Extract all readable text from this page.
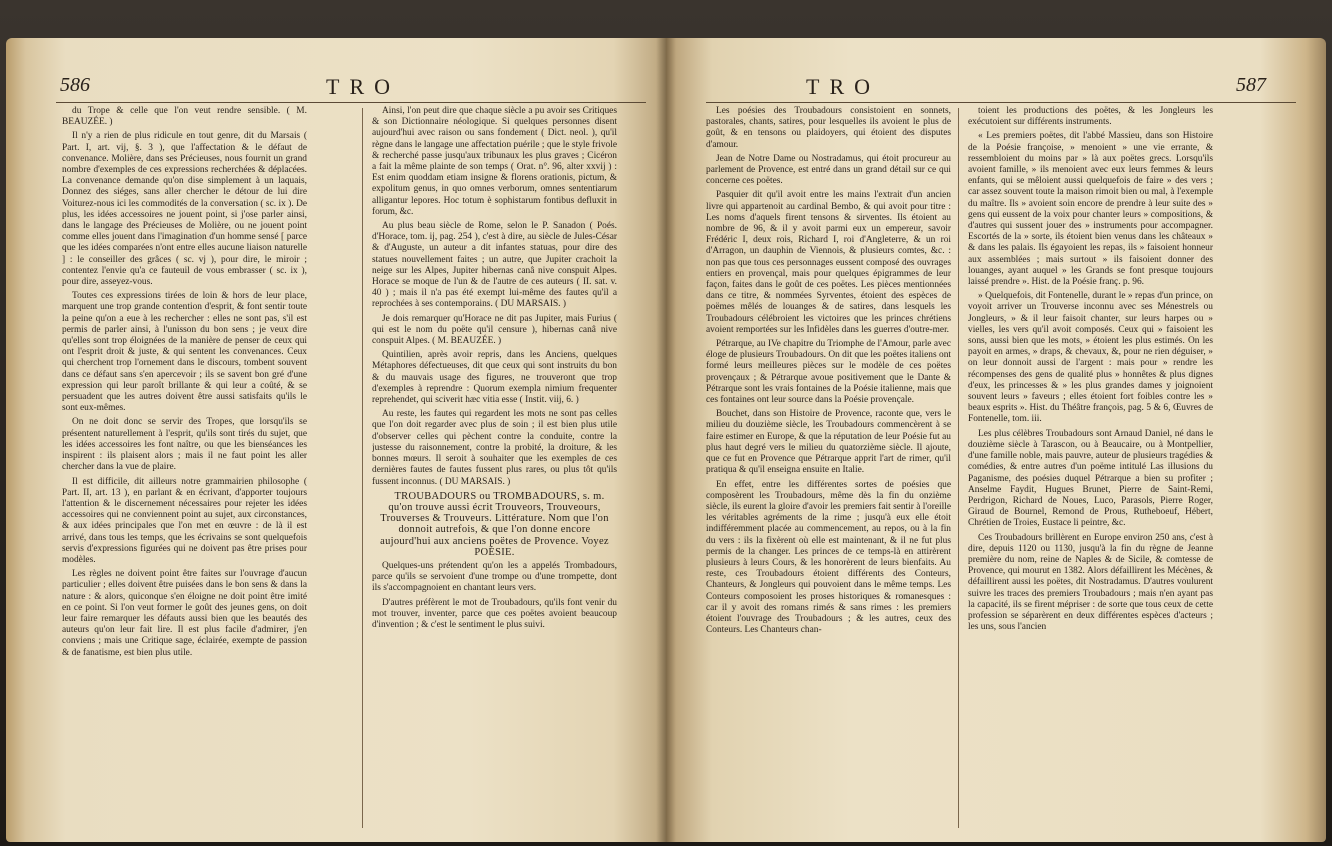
586	TRO

du Trope & celle que l'on veut rendre sensible. ( M. BEAUZÉE. )

Il n'y a rien de plus ridicule en tout genre, dit du Marsais ( Part. I, art. vij, §. 3 ), que l'affectation & le défaut de convenance. Molière, dans ses Précieuses, nous fournit un grand nombre d'exemples de ces expressions recherchées & déplacées. La convenance demande qu'on dise simplement à un laquais, Donnez des siéges, sans aller chercher le détour de lui dire Voiturez-nous ici les commodités de la conversation ( sc. ix ). De plus, les idées accessoires ne jouent point, si j'ose parler ainsi, dans le langage des Précieuses de Molière, ou ne jouent point comme elles jouent dans l'imagination d'un homme sensé [ parce que les idées comparées n'ont entre elles aucune liaison naturelle ] : le conseiller des grâces ( sc. vj ), pour dire, le miroir ; contentez l'envie qu'a ce fauteuil de vous embrasser ( sc. ix ), pour dire, asseyez-vous.

Toutes ces expressions tirées de loin & hors de leur place, marquent une trop grande contention d'esprit, & font sentir toute la peine qu'on a eue à les rechercher : elles ne sont pas, s'il est permis de parler ainsi, à l'unisson du bon sens ; je veux dire qu'elles sont trop éloignées de la manière de penser de ceux qui ont l'esprit droit & juste, & qui sentent les convenances. Ceux qui cherchent trop l'ornement dans le discours, tombent souvent dans ce défaut sans s'en apercevoir ; ils se savent bon gré d'une expression qui leur paroît brillante & qui leur a coûté, & se persuadent que les autres doivent être aussi satisfaits qu'ils le sont eux-mêmes.

On ne doit donc se servir des Tropes, que lorsqu'ils se présentent naturellement à l'esprit, qu'ils sont tirés du sujet, que les idées accessoires les font naître, ou que les bienséances les inspirent : ils plaisent alors ; mais il ne faut point les aller chercher dans la vue de plaire.

Il est difficile, dit ailleurs notre grammairien philosophe ( Part. II, art. 13 ), en parlant & en écrivant, d'apporter toujours l'attention & le discernement nécessaires pour rejeter les idées accessoires qui ne conviennent point au sujet, aux circonstances, & aux idées principales que l'on met en œuvre : de là il est arrivé, dans tous les temps, que les écrivains se sont quelquefois servis d'expressions figurées qui ne doivent pas être prises pour modèles.

Les règles ne doivent point être faites sur l'ouvrage d'aucun particulier ; elles doivent être puisées dans le bon sens & dans la nature : & alors, quiconque s'en éloigne ne doit point être imité en ce point. Si l'on veut former le goût des jeunes gens, on doit leur faire remarquer les défauts aussi bien que les beautés des auteurs qu'on leur fait lire. Il est plus facile d'admirer, j'en conviens ; mais une Critique sage, éclairée, exempte de passion & de fanatisme, est bien plus utile.

Ainsi, l'on peut dire que chaque siècle a pu avoir ses Critiques & son Dictionnaire néologique. Si quelques personnes disent aujourd'hui avec raison ou sans fondement ( Dict. neol. ), qu'il règne dans le langage une affectation puérile ; que le style frivole & recherché passe jusqu'aux tribunaux les plus graves ; Cicéron a fait la même plainte de son temps ( Orat. n°. 96, alter xxvij ) : Est enim quoddam etiam insigne & florens orationis, pictum, & expolitum genus, in quo omnes verborum, omnes sententiarum alligantur lepores. Hoc totum è sophistarum fontibus defluxit in forum, &c.

Au plus beau siècle de Rome, selon le P. Sanadon ( Poés. d'Horace, tom. ij, pag. 254 ), c'est à dire, au siècle de Jules-César & d'Auguste, un auteur a dit infantes statuas, pour dire des statues nouvellement faites ; un autre, que Jupiter crachoit la neige sur les Alpes, Jupiter hibernas canâ nive conspuit Alpes. Horace se moque de l'un & de l'autre de ces auteurs ( II. sat. v. 40 ) ; mais il n'a pas été exempt lui-même des fautes qu'il a reprochées à ses contemporains. ( DU MARSAIS. )

Je dois remarquer qu'Horace ne dit pas Jupiter, mais Furius ( qui est le nom du poëte qu'il censure ), hibernas canâ nive conspuit Alpes. ( M. BEAUZÉE. )

Quintilien, après avoir repris, dans les Anciens, quelques Métaphores défectueuses, dit que ceux qui sont instruits du bon & du mauvais usage des figures, ne trouveront que trop d'exemples à reprendre : Quorum exempla nimium frequenter reprehendet, qui sciverit hæc vitia esse ( Instit. viij, 6. )

Au reste, les fautes qui regardent les mots ne sont pas celles que l'on doit regarder avec plus de soin ; il est bien plus utile d'observer celles qui pèchent contre la conduite, contre la justesse du raisonnement, contre la probité, la droiture, & les bonnes mœurs. Il seroit à souhaiter que les exemples de ces dernières fautes de fautes fussent plus rares, ou plus tôt qu'ils fussent inconnus. ( DU MARSAIS. )

TROUBADOURS ou TROMBADOURS, s. m. qu'on trouve aussi écrit Trouveors, Trouveours, Trouverses & Trouveurs. Littérature. Nom que l'on donnoit autrefois, & que l'on donne encore aujourd'hui aux anciens poëtes de Provence. Voyez POÉSIE.

Quelques-uns prétendent qu'on les a appelés Trombadours, parce qu'ils se servoient d'une trompe ou d'une trompette, dont ils s'accompagnoient en chantant leurs vers.

D'autres préfèrent le mot de Troubadours, qu'ils font venir du mot trouver, inventer, parce que ces poëtes avoient beaucoup d'invention ; & c'est le sentiment le plus suivi.

TRO	587

Les poésies des Troubadours consistoient en sonnets, pastorales, chants, satires, pour lesquelles ils avoient le plus de goût, & en tensons ou plaidoyers, qui étoient des disputes d'amour.

Jean de Notre Dame ou Nostradamus, qui étoit procureur au parlement de Provence, est entré dans un grand détail sur ce qui concerne ces poëtes.

Pasquier dit qu'il avoit entre les mains l'extrait d'un ancien livre qui appartenoit au cardinal Bembo, & qui avoit pour titre : Les noms d'aquels firent tensons & sirventes. Ils étoient au nombre de 96, & il y avoit parmi eux un empereur, savoir Frédéric I, deux rois, Richard I, roi d'Angleterre, & un roi d'Arragon, un dauphin de Viennois, & plusieurs comtes, &c. : non pas que tous ces personnages eussent composé des ouvrages entiers en provençal, mais pour quelques épigrammes de leur façon, faites dans le goût de ces poëtes. Les pièces mentionnées dans ce titre, & nommées Syrventes, étoient des espèces de poëmes mêlés de louanges & de satires, dans lesquels les Troubadours célébroient les victoires que les princes chrétiens avoient remportées sur les Infidèles dans les guerres d'outre-mer.

Pétrarque, au IVe chapitre du Triomphe de l'Amour, parle avec éloge de plusieurs Troubadours. On dit que les poëtes italiens ont formé leurs meilleures pièces sur le modèle de ces poëtes provençaux ; & Pétrarque avoue positivement que le Dante & Pétrarque sont les vrais fontaines de la Poésie italienne, mais que ces fontaines ont leur source dans la Poésie provençale.

Bouchet, dans son Histoire de Provence, raconte que, vers le milieu du douzième siècle, les Troubadours commencèrent à se faire estimer en Europe, & que la réputation de leur Poésie fut au plus haut degré vers le milieu du quatorzième siècle. Il ajoute, que ce fut en Provence que Pétrarque apprit l'art de rimer, qu'il pratiqua & qu'il enseigna ensuite en Italie.

En effet, entre les différentes sortes de poésies que composèrent les Troubadours, même dès la fin du onzième siècle, ils eurent la gloire d'avoir les premiers fait sentir à l'oreille les véritables agréments de la rime ; jusqu'à eux elle étoit indifféremment placée au commencement, au repos, ou à la fin du vers : ils la fixèrent où elle est maintenant, & il ne fut plus permis de la changer. Les princes de ce temps-là en attirèrent plusieurs à leurs Cours, & les honorèrent de leurs bienfaits. Au reste, ces Troubadours étoient différents des Conteurs, Chanteurs, & Jongleurs qui pouvoient dans le même temps. Les Conteurs composoient les proses historiques & romanesques : car il y avoit des romans rimés & sans rimes : les premiers étoient l'ouvrage des Troubadours ; & les autres, ceux des Conteurs. Les Chanteurs chan-

toient les productions des poëtes, & les Jongleurs les exécutoient sur différents instruments.

« Les premiers poëtes, dit l'abbé Massieu, dans son Histoire de la Poésie françoise, » menoient » une vie errante, & ressembloient du moins par » là aux poëtes grecs. Lorsqu'ils avoient famille, » ils menoient avec eux leurs femmes & leurs enfants, qui se mêloient aussi quelquefois de faire » des vers ; car assez souvent toute la maison rimoit bien ou mal, à l'exemple du maître. Ils » avoient soin encore de prendre à leur suite des » gens qui eussent de la voix pour chanter leurs » compositions, & d'autres qui sussent jouer des » instruments pour accompagner. Escortés de la » sorte, ils étoient bien venus dans les châteaux » & dans les palais. Ils égayoient les repas, ils » faisoient honneur aux assemblées ; mais surtout » ils faisoient donner des louanges, ayant auquel » les Grands se font presque toujours laissé prendre ». Hist. de la Poésie franç. p. 96.

» Quelquefois, dit Fontenelle, durant le » repas d'un prince, on voyoit arriver un Trouverse inconnu avec ses Ménestrels ou Jongleurs, » & il leur faisoit chanter, sur leurs harpes ou » vielles, les vers qu'il avoit composés. Ceux qui » faisoient les sons, aussi bien que les mots, » étoient les plus estimés. On les payoit en armes, » draps, & chevaux, &, pour ne rien déguiser, » on leur donnoit aussi de l'argent : mais pour » rendre les récompenses des gens de qualité plus » honnêtes & plus dignes d'eux, les princesses & » les plus grandes dames y joignoient souvent leurs » faveurs ; elles étoient fort foibles contre les » beaux esprits ». Hist. du Théâtre françois, pag. 5 & 6, Œuvres de Fontenelle, tom. iii.

Les plus célèbres Troubadours sont Arnaud Daniel, né dans le douzième siècle à Tarascon, ou à Beaucaire, ou à Montpellier, d'une famille noble, mais pauvre, auteur de plusieurs tragédies & comédies, & entre autres d'un poëme intitulé Las illusions du Paganisme, des poésies duquel Pétrarque a bien su profiter ; Anselme Faydit, Hugues Brunet, Pierre de Saint-Remi, Perdrigon, Richard de Noues, Luco, Parasols, Pierre Roger, Giraud de Bournel, Remond de Prous, Rutheboeuf, Hébert, Chrétien de Troies, Eustace li peintre, &c.

Ces Troubadours brillèrent en Europe environ 250 ans, c'est à dire, depuis 1120 ou 1130, jusqu'à la fin du règne de Jeanne première du nom, reine de Naples & de Sicile, & comtesse de Provence, qui mourut en 1382. Alors défaillirent les Mécènes, & défaillirent aussi les poëtes, dit Nostradamus. D'autres voulurent suivre les traces des premiers Troubadours ; mais n'en ayant pas la capacité, ils se firent mépriser : de sorte que tous ceux de cette profession se séparèrent en deux différentes espèces d'acteurs ; les uns, sous l'ancien
